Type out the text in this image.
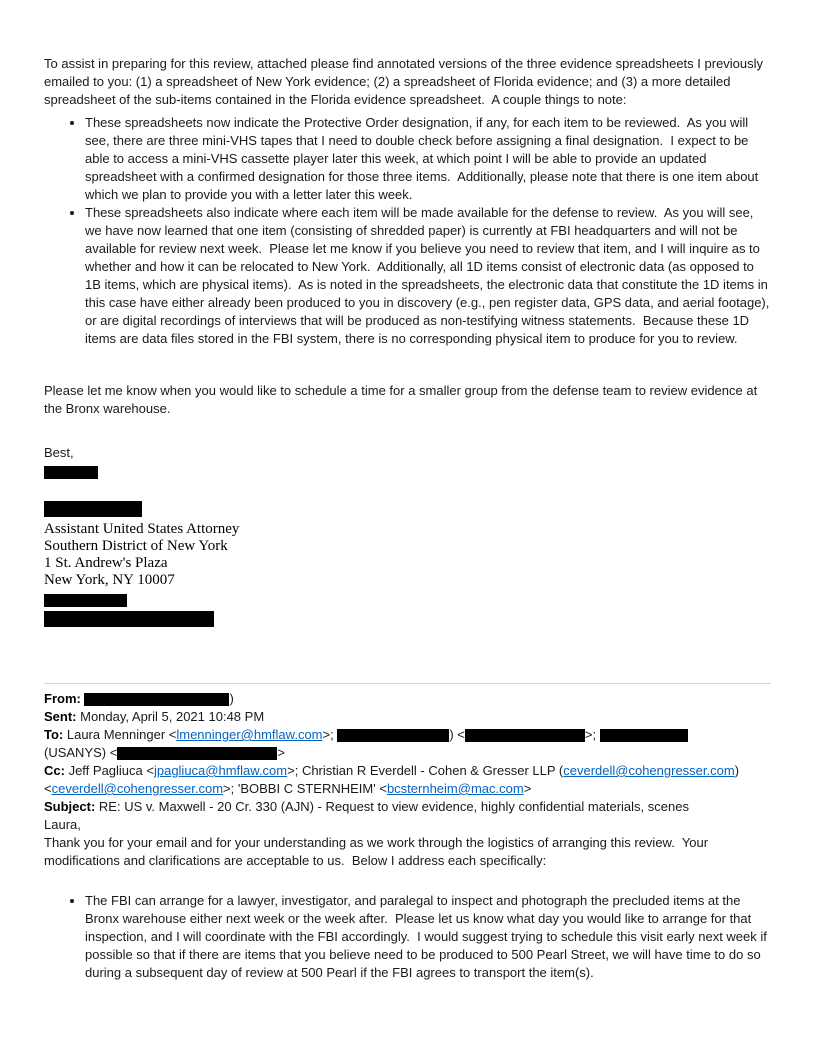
To assist in preparing for this review, attached please find annotated versions of the three evidence spreadsheets I previously emailed to you: (1) a spreadsheet of New York evidence; (2) a spreadsheet of Florida evidence; and (3) a more detailed spreadsheet of the sub-items contained in the Florida evidence spreadsheet.  A couple things to note:

• These spreadsheets now indicate the Protective Order designation, if any, for each item to be reviewed.  As you will see, there are three mini-VHS tapes that I need to double check before assigning a final designation.  I expect to be able to access a mini-VHS cassette player later this week, at which point I will be able to provide an updated spreadsheet with a confirmed designation for those three items.  Additionally, please note that there is one item about which we plan to provide you with a letter later this week.
• These spreadsheets also indicate where each item will be made available for the defense to review.  As you will see, we have now learned that one item (consisting of shredded paper) is currently at FBI headquarters and will not be available for review next week.  Please let me know if you believe you need to review that item, and I will inquire as to whether and how it can be relocated to New York.  Additionally, all 1D items consist of electronic data (as opposed to 1B items, which are physical items).  As is noted in the spreadsheets, the electronic data that constitute the 1D items in this case have either already been produced to you in discovery (e.g., pen register data, GPS data, and aerial footage), or are digital recordings of interviews that will be produced as non-testifying witness statements.  Because these 1D items are data files stored in the FBI system, there is no corresponding physical item to produce for you to review.

Please let me know when you would like to schedule a time for a smaller group from the defense team to review evidence at the Bronx warehouse.

Best,

Assistant United States Attorney
Southern District of New York
1 St. Andrew's Plaza
New York, NY 10007
From:	)
Sent: Monday, April 5, 2021 10:48 PM
To: Laura Menninger <lmenninger@hmflaw.com>;	) <	>;
(USANYS) <	>
Cc: Jeff Pagliuca <jpagliuca@hmflaw.com>; Christian R Everdell - Cohen & Gresser LLP (ceverdell@cohengresser.com)
<ceverdell@cohengresser.com>; 'BOBBI C STERNHEIM' <bcsternheim@mac.com>
Subject: RE: US v. Maxwell - 20 Cr. 330 (AJN) - Request to view evidence, highly confidential materials, scenes

Laura,

Thank you for your email and for your understanding as we work through the logistics of arranging this review.  Your modifications and clarifications are acceptable to us.  Below I address each specifically:

• The FBI can arrange for a lawyer, investigator, and paralegal to inspect and photograph the precluded items at the Bronx warehouse either next week or the week after.  Please let us know what day you would like to arrange for that inspection, and I will coordinate with the FBI accordingly.  I would suggest trying to schedule this visit early next week if possible so that if there are items that you believe need to be produced to 500 Pearl Street, we will have time to do so during a subsequent day of review at 500 Pearl if the FBI agrees to transport the item(s).
